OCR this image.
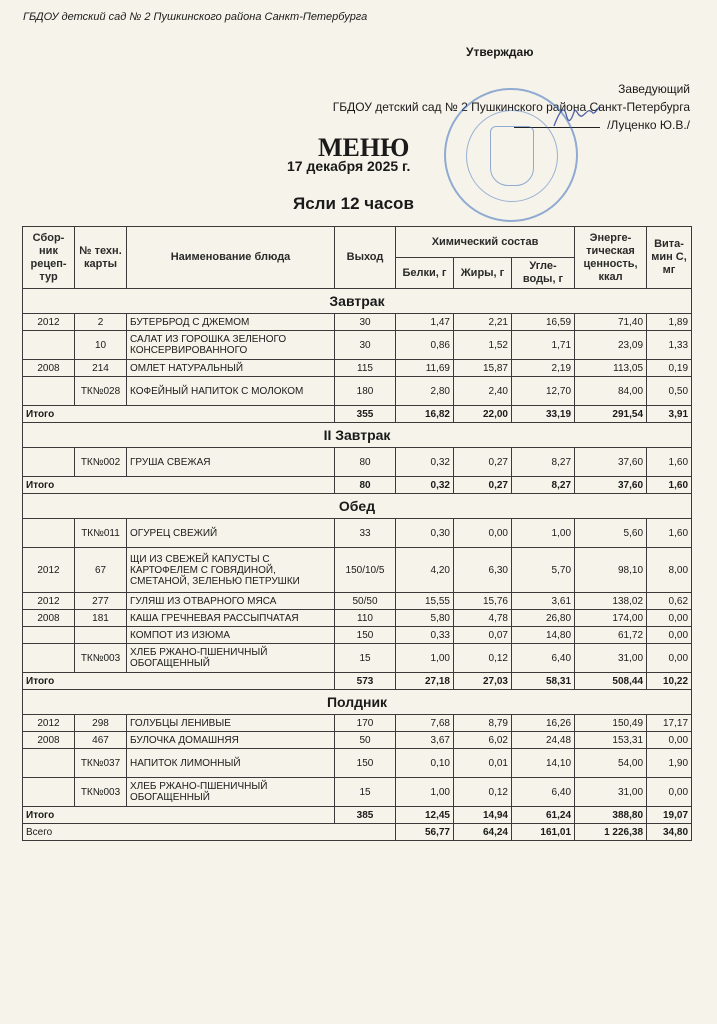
ГБДОУ детский сад № 2 Пушкинского района Санкт-Петербурга
Утверждаю
Заведующий
ГБДОУ детский сад № 2 Пушкинского района Санкт-Петербурга
/Луценко Ю.В./
МЕНЮ
17 декабря 2025 г.
Ясли 12 часов
Сбор-ник рецеп-тур	№ техн. карты	Наименование блюда	Выход	Химический состав			Энерге-тическая ценность, ккал	Вита-мин С, мг
				Белки, г	Жиры, г	Угле-воды, г		
Завтрак								
2012	2	БУТЕРБРОД С ДЖЕМОМ	30	1,47	2,21	16,59	71,40	1,89
	10	САЛАТ ИЗ ГОРОШКА ЗЕЛЕНОГО КОНСЕРВИРОВАННОГО	30	0,86	1,52	1,71	23,09	1,33
2008	214	ОМЛЕТ НАТУРАЛЬНЫЙ	115	11,69	15,87	2,19	113,05	0,19
	ТК№028	КОФЕЙНЫЙ НАПИТОК С МОЛОКОМ	180	2,80	2,40	12,70	84,00	0,50
Итого			355	16,82	22,00	33,19	291,54	3,91
II Завтрак								
	ТК№002	ГРУША СВЕЖАЯ	80	0,32	0,27	8,27	37,60	1,60
Итого			80	0,32	0,27	8,27	37,60	1,60
Обед								
	ТК№011	ОГУРЕЦ СВЕЖИЙ	33	0,30	0,00	1,00	5,60	1,60
2012	67	ЩИ ИЗ СВЕЖЕЙ КАПУСТЫ С КАРТОФЕЛЕМ С ГОВЯДИНОЙ, СМЕТАНОЙ, ЗЕЛЕНЬЮ ПЕТРУШКИ	150/10/5	4,20	6,30	5,70	98,10	8,00
2012	277	ГУЛЯШ ИЗ ОТВАРНОГО МЯСА	50/50	15,55	15,76	3,61	138,02	0,62
2008	181	КАША ГРЕЧНЕВАЯ РАССЫПЧАТАЯ	110	5,80	4,78	26,80	174,00	0,00
		КОМПОТ ИЗ ИЗЮМА	150	0,33	0,07	14,80	61,72	0,00
	ТК№003	ХЛЕБ РЖАНО-ПШЕНИЧНЫЙ ОБОГАЩЕННЫЙ	15	1,00	0,12	6,40	31,00	0,00
Итого			573	27,18	27,03	58,31	508,44	10,22
Полдник								
2012	298	ГОЛУБЦЫ ЛЕНИВЫЕ	170	7,68	8,79	16,26	150,49	17,17
2008	467	БУЛОЧКА ДОМАШНЯЯ	50	3,67	6,02	24,48	153,31	0,00
	ТК№037	НАПИТОК ЛИМОННЫЙ	150	0,10	0,01	14,10	54,00	1,90
	ТК№003	ХЛЕБ РЖАНО-ПШЕНИЧНЫЙ ОБОГАЩЕННЫЙ	15	1,00	0,12	6,40	31,00	0,00
Итого			385	12,45	14,94	61,24	388,80	19,07
Всего				56,77	64,24	161,01	1 226,38	34,80
